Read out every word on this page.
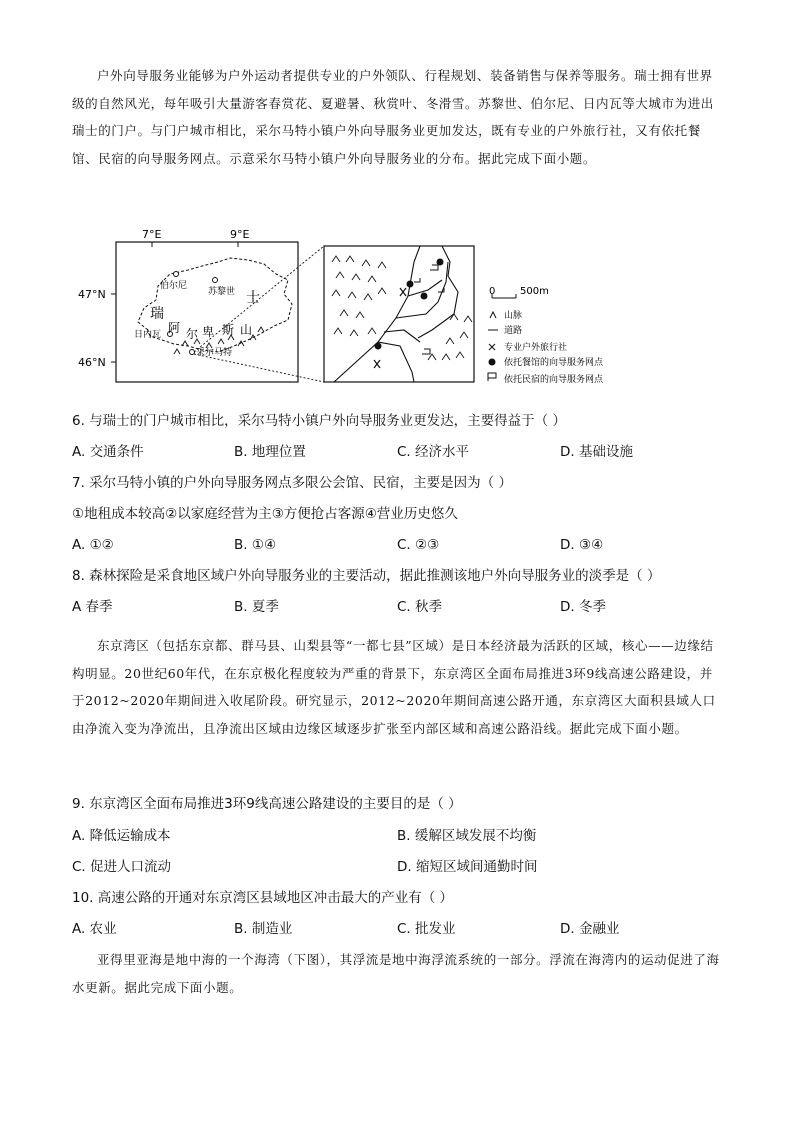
户外向导服务业能够为户外运动者提供专业的户外领队、行程规划、装备销售与保养等服务。瑞士拥有世界级的自然风光，每年吸引大量游客春赏花、夏避暑、秋赏叶、冬滑雪。苏黎世、伯尔尼、日内瓦等大城市为进出瑞士的门户。与门户城市相比，采尔马特小镇户外向导服务业更加发达，既有专业的户外旅行社，又有依托餐馆、民宿的向导服务网点。示意采尔马特小镇户外向导服务业的分布。据此完成下面小题。

7°E	9°E
47°N
46°N
伯尔尼
苏黎世
日内瓦
采尔马特
瑞
士
阿 尔 卑 斯 山
0 500m
山脉
道路
专业户外旅行社
依托餐馆的向导服务网点
依托民宿的向导服务网点
6. 与瑞士的门户城市相比，采尔马特小镇户外向导服务业更发达，主要得益于（ ）
A. 交通条件	B. 地理位置	C. 经济水平	D. 基础设施
7. 采尔马特小镇的户外向导服务网点多限公会馆、民宿，主要是因为（ ）
①地租成本较高②以家庭经营为主③方便抢占客源④营业历史悠久
A. ①②	B. ①④	C. ②③	D. ③④
8. 森林探险是采食地区域户外向导服务业的主要活动，据此推测该地户外向导服务业的淡季是（ ）
A 春季	B. 夏季	C. 秋季	D. 冬季

东京湾区（包括东京都、群马县、山梨县等“一都七县”区域）是日本经济最为活跃的区域，核心——边缘结构明显。20世纪60年代，在东京极化程度较为严重的背景下，东京湾区全面布局推进3环9线高速公路建设，并于2012~2020年期间进入收尾阶段。研究显示，2012~2020年期间高速公路开通，东京湾区大面积县域人口由净流入变为净流出，且净流出区域由边缘区域逐步扩张至内部区域和高速公路沿线。据此完成下面小题。

9. 东京湾区全面布局推进3环9线高速公路建设的主要目的是（ ）
A. 降低运输成本	B. 缓解区域发展不均衡
C. 促进人口流动	D. 缩短区域间通勤时间
10. 高速公路的开通对东京湾区县域地区冲击最大的产业有（ ）
A. 农业	B. 制造业	C. 批发业	D. 金融业

亚得里亚海是地中海的一个海湾（下图），其浮流是地中海浮流系统的一部分。浮流在海湾内的运动促进了海水更新。据此完成下面小题。
